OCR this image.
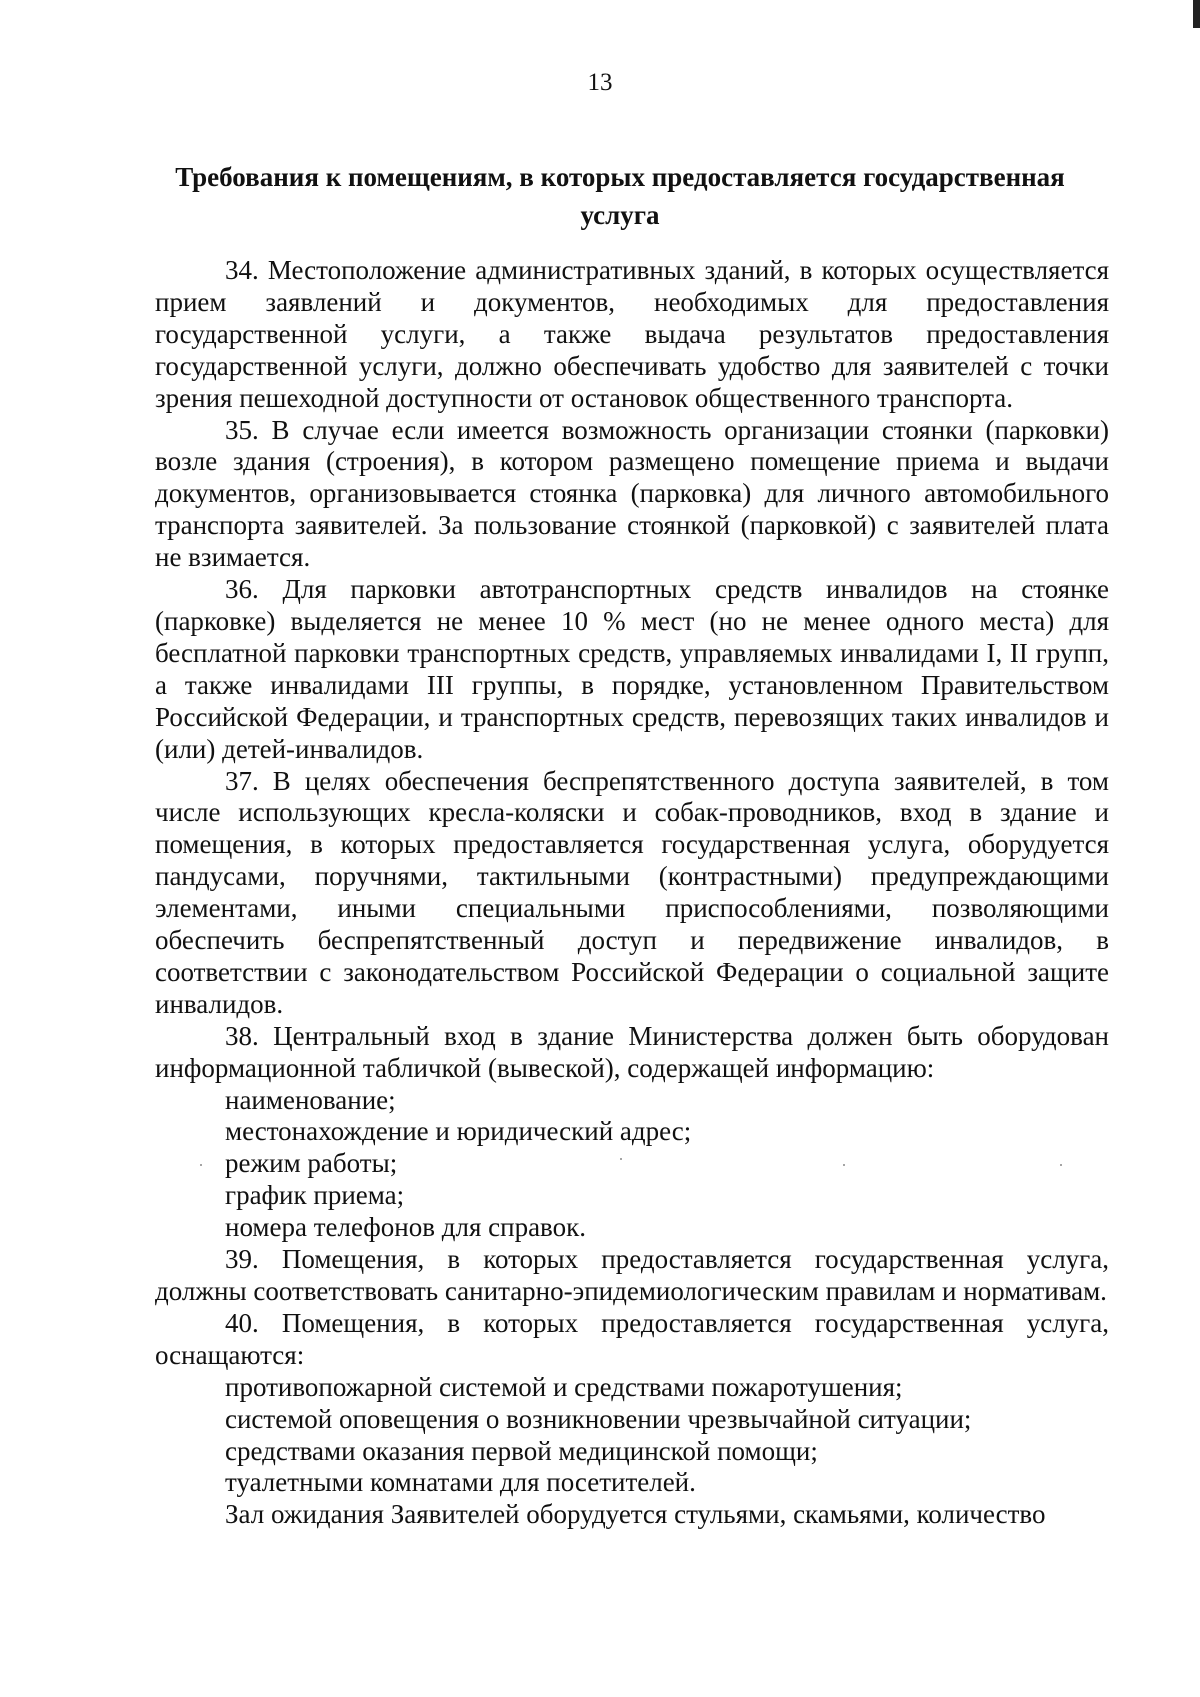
13
Требования к помещениям, в которых предоставляется государственная
услуга

34. Местоположение административных зданий, в которых осуществляется прием заявлений и документов, необходимых для предоставления государственной услуги, а также выдача результатов предоставления государственной услуги, должно обеспечивать удобство для заявителей с точки зрения пешеходной доступности от остановок общественного транспорта.

35. В случае если имеется возможность организации стоянки (парковки) возле здания (строения), в котором размещено помещение приема и выдачи документов, организовывается стоянка (парковка) для личного автомобильного транспорта заявителей. За пользование стоянкой (парковкой) с заявителей плата не взимается.

36. Для парковки автотранспортных средств инвалидов на стоянке (парковке) выделяется не менее 10 % мест (но не менее одного места) для бесплатной парковки транспортных средств, управляемых инвалидами I, II групп, а также инвалидами III группы, в порядке, установленном Правительством Российской Федерации, и транспортных средств, перевозящих таких инвалидов и (или) детей-инвалидов.

37. В целях обеспечения беспрепятственного доступа заявителей, в том числе использующих кресла-коляски и собак-проводников, вход в здание и помещения, в которых предоставляется государственная услуга, оборудуется пандусами, поручнями, тактильными (контрастными) предупреждающими элементами, иными специальными приспособлениями, позволяющими обеспечить беспрепятственный доступ и передвижение инвалидов, в соответствии с законодательством Российской Федерации о социальной защите инвалидов.

38. Центральный вход в здание Министерства должен быть оборудован информационной табличкой (вывеской), содержащей информацию:

наименование;

местонахождение и юридический адрес;

режим работы;

график приема;

номера телефонов для справок.

39. Помещения, в которых предоставляется государственная услуга, должны соответствовать санитарно-эпидемиологическим правилам и нормативам.

40. Помещения, в которых предоставляется государственная услуга, оснащаются:

противопожарной системой и средствами пожаротушения;

системой оповещения о возникновении чрезвычайной ситуации;

средствами оказания первой медицинской помощи;

туалетными комнатами для посетителей.

Зал ожидания Заявителей оборудуется стульями, скамьями, количество
